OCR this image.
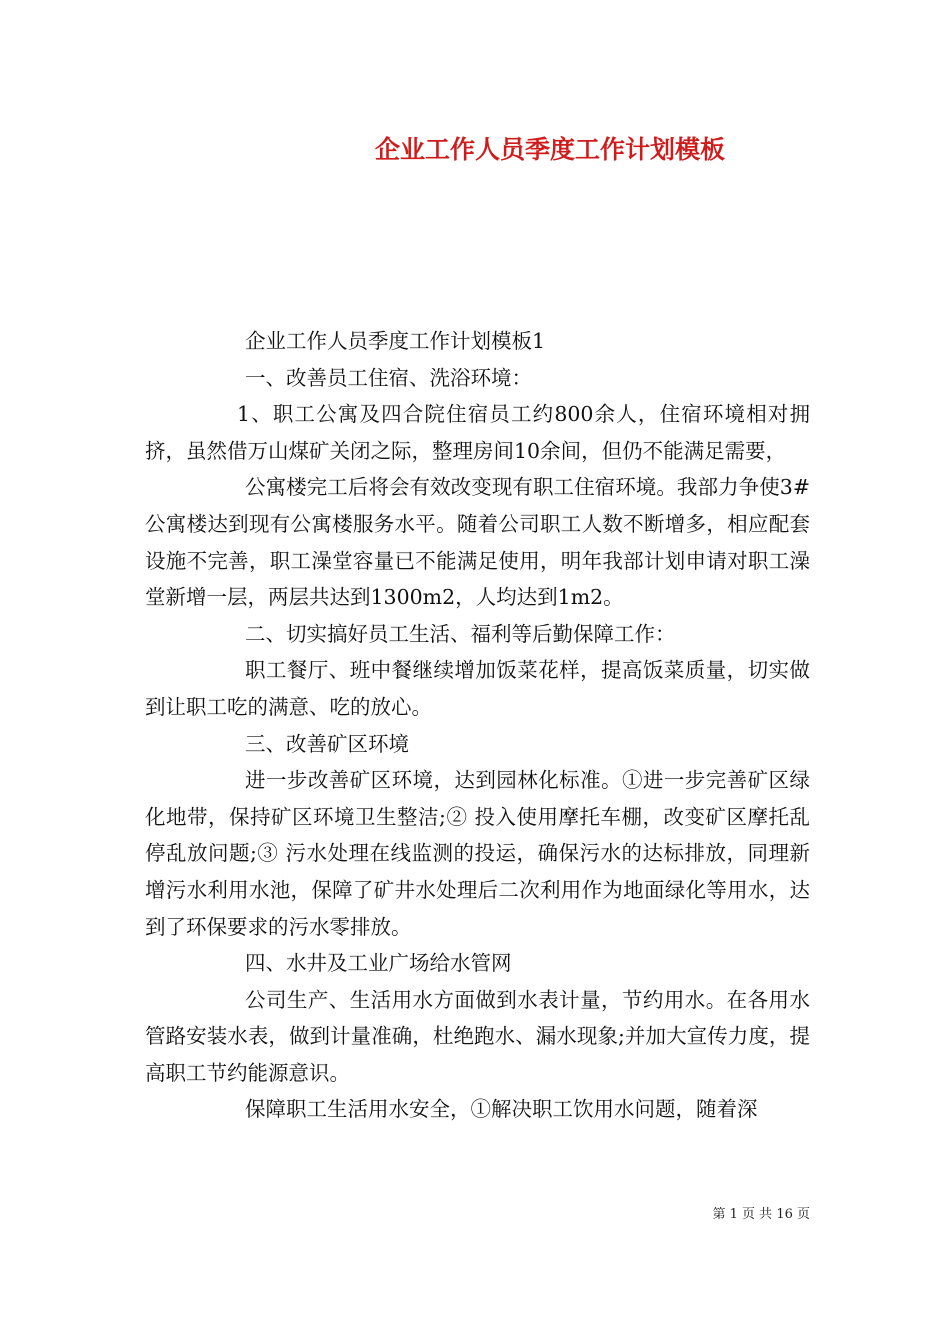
企业工作人员季度工作计划模板

企业工作人员季度工作计划模板1

一、改善员工住宿、洗浴环境：

1、职工公寓及四合院住宿员工约800余人，住宿环境相对拥挤，虽然借万山煤矿关闭之际，整理房间10余间，但仍不能满足需要，

公寓楼完工后将会有效改变现有职工住宿环境。我部力争使3#公寓楼达到现有公寓楼服务水平。随着公司职工人数不断增多，相应配套设施不完善，职工澡堂容量已不能满足使用，明年我部计划申请对职工澡堂新增一层，两层共达到1300m2，人均达到1m2。

二、切实搞好员工生活、福利等后勤保障工作：

职工餐厅、班中餐继续增加饭菜花样，提高饭菜质量，切实做到让职工吃的满意、吃的放心。

三、改善矿区环境

进一步改善矿区环境，达到园林化标准。①进一步完善矿区绿化地带，保持矿区环境卫生整洁;② 投入使用摩托车棚，改变矿区摩托乱停乱放问题;③ 污水处理在线监测的投运，确保污水的达标排放，同理新增污水利用水池，保障了矿井水处理后二次利用作为地面绿化等用水，达到了环保要求的污水零排放。

四、水井及工业广场给水管网

公司生产、生活用水方面做到水表计量，节约用水。在各用水管路安装水表，做到计量准确，杜绝跑水、漏水现象;并加大宣传力度，提高职工节约能源意识。

保障职工生活用水安全，①解决职工饮用水问题，随着深

第 1 页 共 16 页
